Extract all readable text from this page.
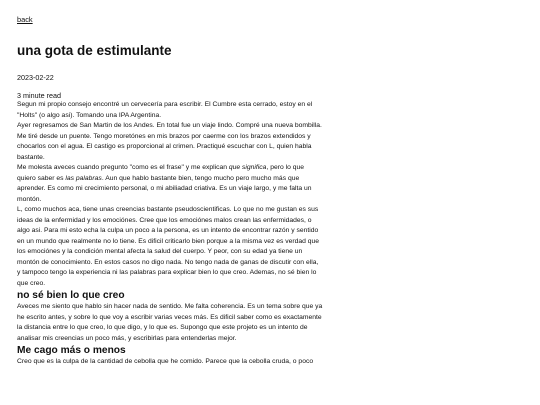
back
una gota de estimulante
2023-02-22
3 minute read

Segun mi propio consejo encontré un cervecería para escribir. El Cumbre esta cerrado, estoy en el "Holts" (o algo asi). Tomando una IPA Argentina.

Ayer regresamos de San Martin de los Andes. En total fue un viaje lindo. Compré una nueva bombilla. Me tiré desde un puente. Tengo moretónes en mis brazos por caerme con los brazos extendidos y chocarlos con el agua. El castigo es proporcional al crimen. Practiqué escuchar con L, quien habla bastante.

Me molesta aveces cuando pregunto "como es el frase" y me explican que significa, pero lo que quiero saber es las palabras. Aun que hablo bastante bien, tengo mucho pero mucho más que aprender. Es como mi crecimiento personal, o mi abiliadad criativa. Es un viaje largo, y me falta un montón.

L, como muchos aca, tiene unas creencias bastante pseudoscientificas. Lo que no me gustan es sus ideas de la enfermidad y los emociónes. Cree que los emociónes malos crean las enfermidades, o algo asi. Para mi esto echa la culpa un poco a la persona, es un intento de encontrar razón y sentido en un mundo que realmente no lo tiene. Es dificil criticarlo bien porque a la misma vez es verdad que los emociónes y la condición mental afecta la salud del cuerpo. Y peor, con su edad ya tiene un montón de conocimiento. En estos casos no digo nada. No tengo nada de ganas de discutir con ella, y tampoco tengo la experiencia ni las palabras para explicar bien lo que creo. Ademas, no sé bien lo que creo.

no sé bien lo que creo

Aveces me siento que hablo sin hacer nada de sentido. Me falta coherencia. Es un tema sobre que ya he escrito antes, y sobre lo que voy a escribir varias veces más. Es dificil saber como es exactamente la distancia entre lo que creo, lo que digo, y lo que es. Supongo que este projeto es un intento de analisar mis creencias un poco más, y escribirlas para entenderlas mejor.

Me cago más o menos

Creo que es la culpa de la cantidad de cebolla que he comido. Parece que la cebolla cruda, o poco
